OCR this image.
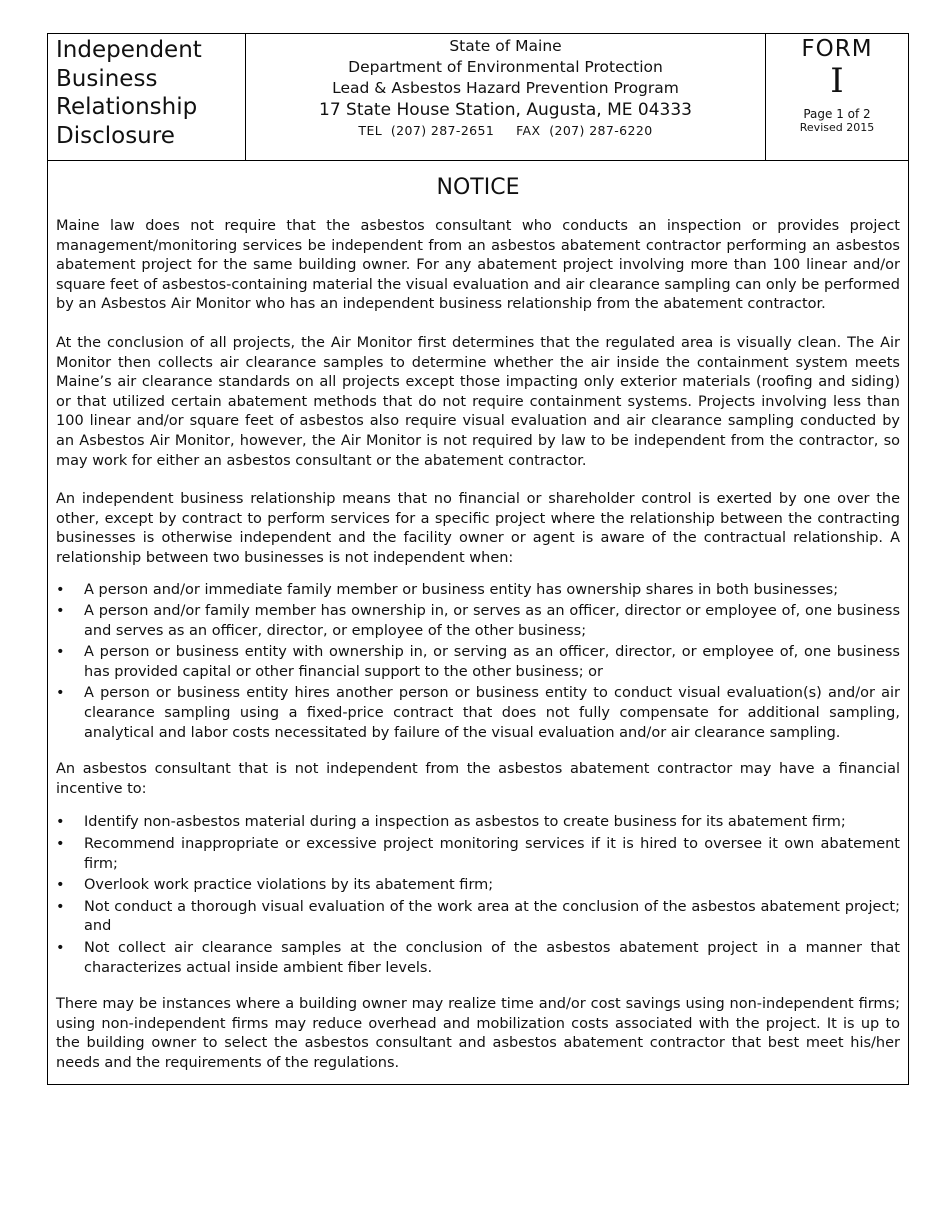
Independent
Business
Relationship
Disclosure
State of Maine
Department of Environmental Protection
Lead & Asbestos Hazard Prevention Program
17 State House Station, Augusta, ME 04333
TEL  (207) 287-2651     FAX  (207) 287-6220
FORM
I
Page 1 of 2
Revised 2015
NOTICE

Maine law does not require that the asbestos consultant who conducts an inspection or provides project management/monitoring services be independent from an asbestos abatement contractor performing an asbestos abatement project for the same building owner. For any abatement project involving more than 100 linear and/or square feet of asbestos-containing material the visual evaluation and air clearance sampling can only be performed by an Asbestos Air Monitor who has an independent business relationship from the abatement contractor.

At the conclusion of all projects, the Air Monitor first determines that the regulated area is visually clean. The Air Monitor then collects air clearance samples to determine whether the air inside the containment system meets Maine’s air clearance standards on all projects except those impacting only exterior materials (roofing and siding) or that utilized certain abatement methods that do not require containment systems. Projects involving less than 100 linear and/or square feet of asbestos also require visual evaluation and air clearance sampling conducted by an Asbestos Air Monitor, however, the Air Monitor is not required by law to be independent from the contractor, so may work for either an asbestos consultant or the abatement contractor.

An independent business relationship means that no financial or shareholder control is exerted by one over the other, except by contract to perform services for a specific project where the relationship between the contracting businesses is otherwise independent and the facility owner or agent is aware of the contractual relationship. A relationship between two businesses is not independent when:

• A person and/or immediate family member or business entity has ownership shares in both businesses;
• A person and/or family member has ownership in, or serves as an officer, director or employee of, one business and serves as an officer, director, or employee of the other business;
• A person or business entity with ownership in, or serving as an officer, director, or employee of, one business has provided capital or other financial support to the other business; or
• A person or business entity hires another person or business entity to conduct visual evaluation(s) and/or air clearance sampling using a fixed-price contract that does not fully compensate for additional sampling, analytical and labor costs necessitated by failure of the visual evaluation and/or air clearance sampling.

An asbestos consultant that is not independent from the asbestos abatement contractor may have a financial incentive to:

• Identify non-asbestos material during a inspection as asbestos to create business for its abatement firm;
• Recommend inappropriate or excessive project monitoring services if it is hired to oversee it own abatement firm;
• Overlook work practice violations by its abatement firm;
• Not conduct a thorough visual evaluation of the work area at the conclusion of the asbestos abatement project; and
• Not collect air clearance samples at the conclusion of the asbestos abatement project in a manner that characterizes actual inside ambient fiber levels.

There may be instances where a building owner may realize time and/or cost savings using non-independent firms; using non-independent firms may reduce overhead and mobilization costs associated with the project. It is up to the building owner to select the asbestos consultant and asbestos abatement contractor that best meet his/her needs and the requirements of the regulations.
